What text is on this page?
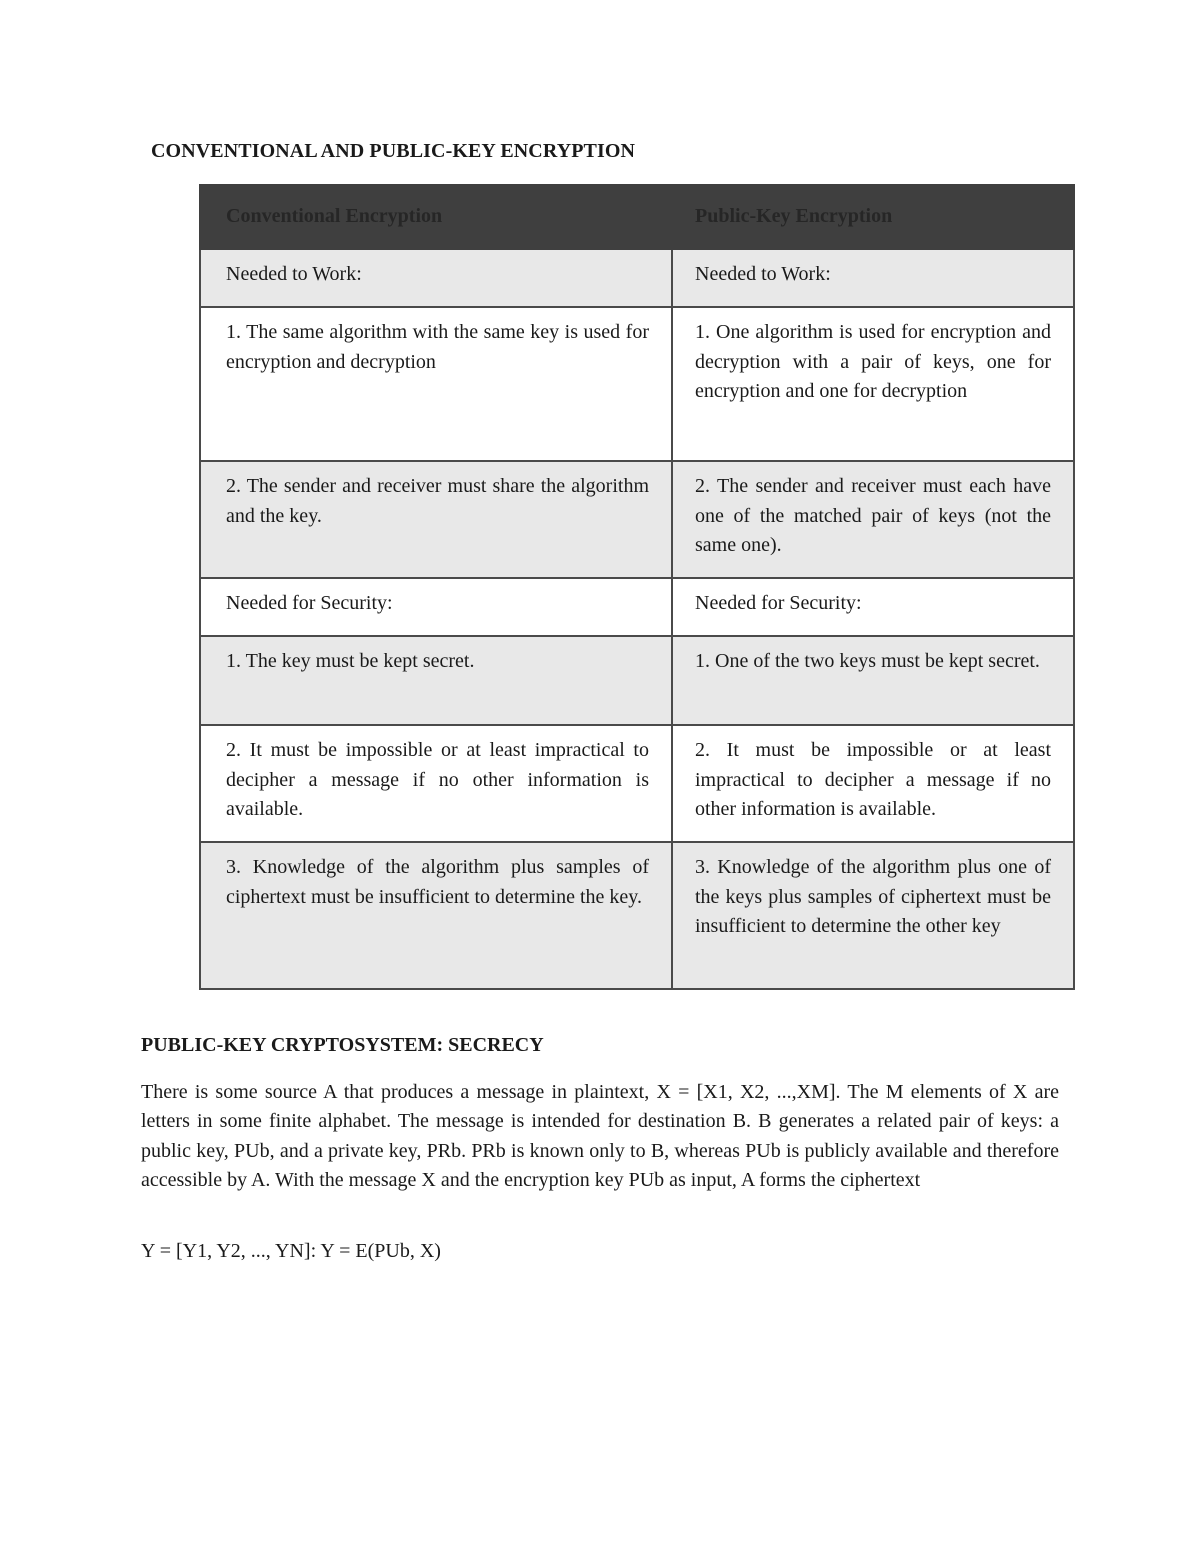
CONVENTIONAL AND PUBLIC-KEY ENCRYPTION
Conventional Encryption	Public-Key Encryption

Needed to Work:	Needed to Work:

1. The same algorithm with the same key is used for encryption and decryption	1. One algorithm is used for encryption and decryption with a pair of keys, one for encryption and one for decryption

2. The sender and receiver must share the algorithm and the key.	2. The sender and receiver must each have one of the matched pair of keys (not the same one).

Needed for Security:	Needed for Security:

1. The key must be kept secret.	1. One of the two keys must be kept secret.

2. It must be impossible or at least impractical to decipher a message if no other information is available.	2. It must be impossible or at least impractical to decipher a message if no other information is available.

3. Knowledge of the algorithm plus samples of ciphertext must be insufficient to determine the key.	3. Knowledge of the algorithm plus one of the keys plus samples of ciphertext must be insufficient to determine the other key
PUBLIC-KEY CRYPTOSYSTEM: SECRECY
There is some source A that produces a message in plaintext, X = [X1, X2, ...,XM]. The M elements of X are letters in some finite alphabet. The message is intended for destination B. B generates a related pair of keys: a public key, PUb, and a private key, PRb. PRb is known only to B, whereas PUb is publicly available and therefore accessible by A. With the message X and the encryption key PUb as input, A forms the ciphertext
Y = [Y1, Y2, ..., YN]: Y = E(PUb, X)
